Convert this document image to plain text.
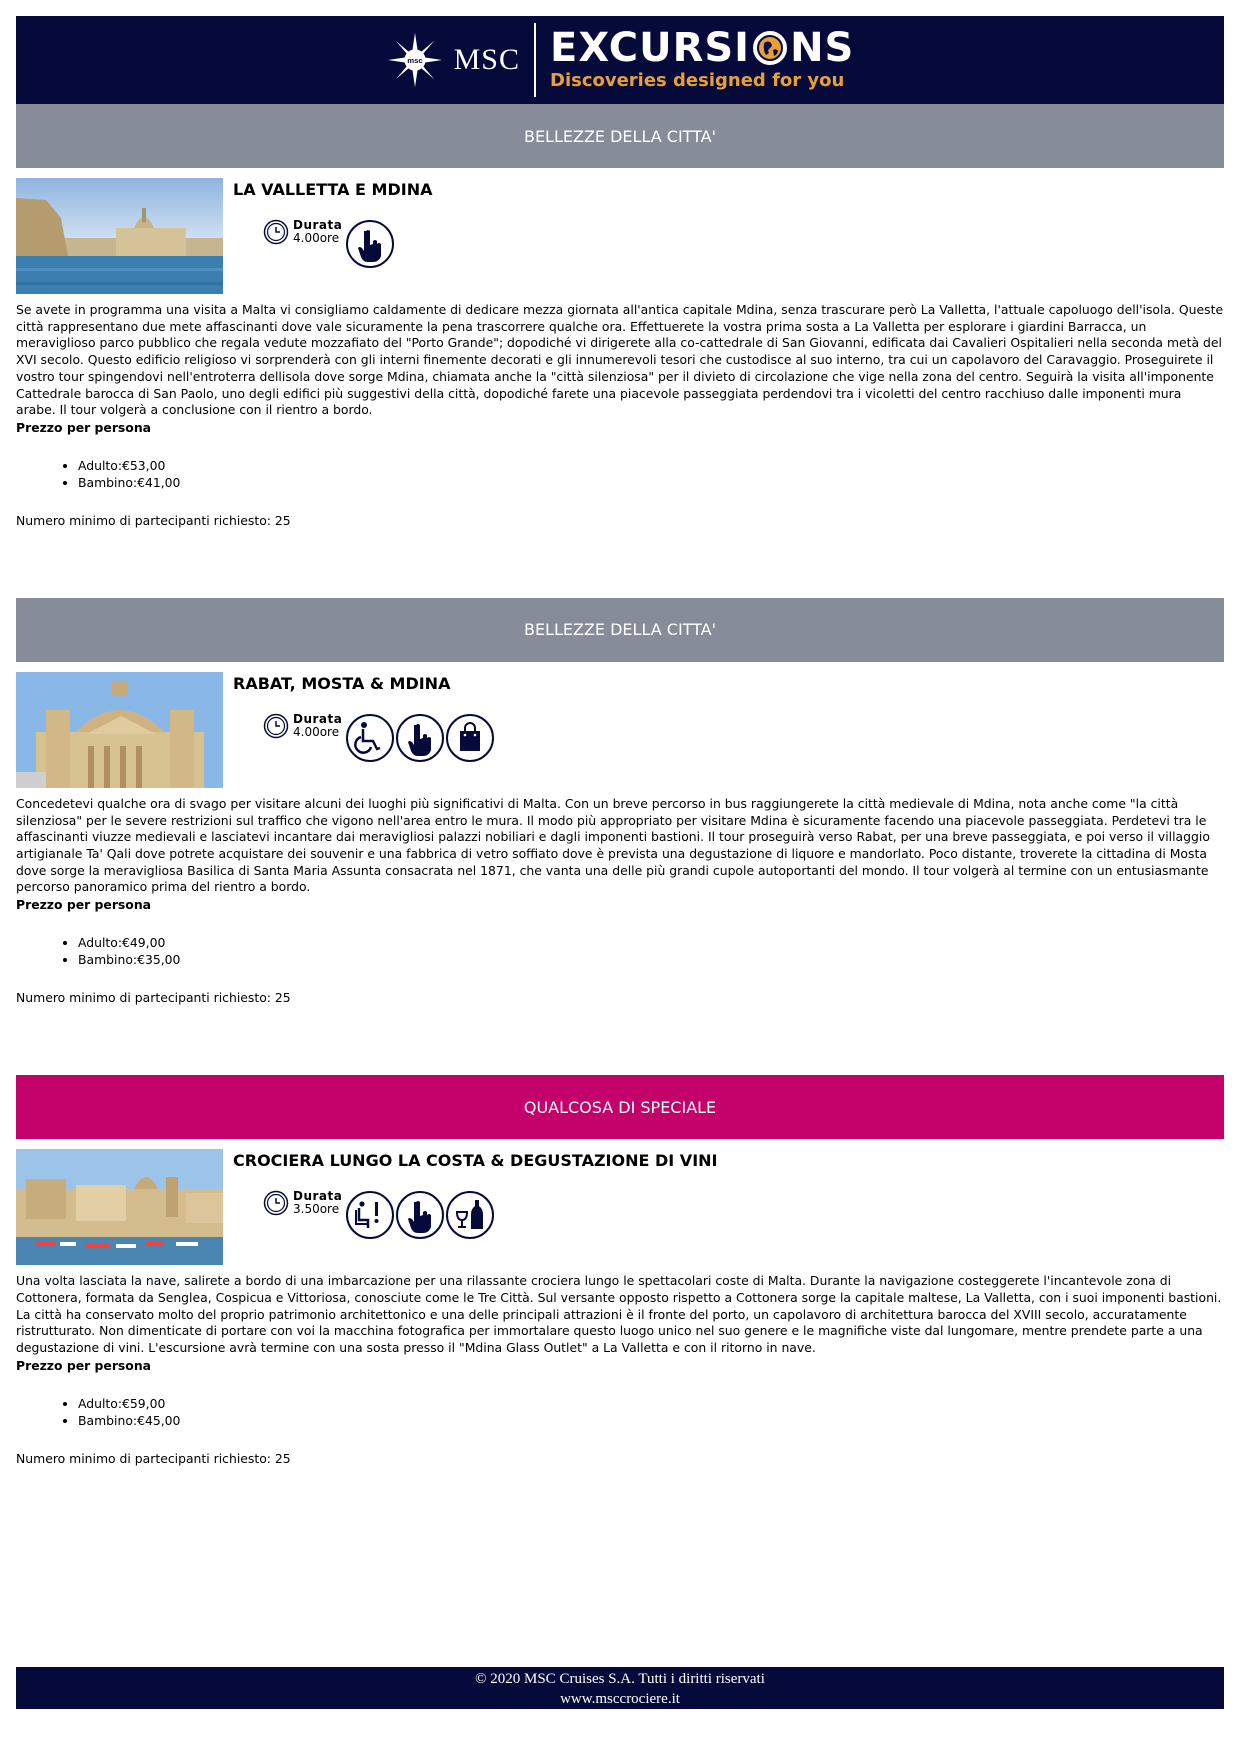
msc MSC EXCURSI NS
Discoveries designed for you
BELLEZZE DELLA CITTA'
LA VALLETTA E MDINA
Durata
4.00ore
Se avete in programma una visita a Malta vi consigliamo caldamente di dedicare mezza giornata all'antica capitale Mdina, senza trascurare però La Valletta, l'attuale capoluogo dell'isola. Queste città rappresentano due mete affascinanti dove vale sicuramente la pena trascorrere qualche ora. Effettuerete la vostra prima sosta a La Valletta per esplorare i giardini Barracca, un meraviglioso parco pubblico che regala vedute mozzafiato del "Porto Grande"; dopodiché vi dirigerete alla co-cattedrale di San Giovanni, edificata dai Cavalieri Ospitalieri nella seconda metà del XVI secolo. Questo edificio religioso vi sorprenderà con gli interni finemente decorati e gli innumerevoli tesori che custodisce al suo interno, tra cui un capolavoro del Caravaggio. Proseguirete il vostro tour spingendovi nell'entroterra dellisola dove sorge Mdina, chiamata anche la "città silenziosa" per il divieto di circolazione che vige nella zona del centro. Seguirà la visita all'imponente Cattedrale barocca di San Paolo, uno degli edifici più suggestivi della città, dopodiché farete una piacevole passeggiata perdendovi tra i vicoletti del centro racchiuso dalle imponenti mura arabe. Il tour volgerà a conclusione con il rientro a bordo.
Prezzo per persona
• Adulto:€53,00
• Bambino:€41,00
Numero minimo di partecipanti richiesto: 25
BELLEZZE DELLA CITTA'
RABAT, MOSTA & MDINA
Durata
4.00ore
Concedetevi qualche ora di svago per visitare alcuni dei luoghi più significativi di Malta. Con un breve percorso in bus raggiungerete la città medievale di Mdina, nota anche come "la città silenziosa" per le severe restrizioni sul traffico che vigono nell'area entro le mura. Il modo più appropriato per visitare Mdina è sicuramente facendo una piacevole passeggiata. Perdetevi tra le affascinanti viuzze medievali e lasciatevi incantare dai meravigliosi palazzi nobiliari e dagli imponenti bastioni. Il tour proseguirà verso Rabat, per una breve passeggiata, e poi verso il villaggio artigianale Ta' Qali dove potrete acquistare dei souvenir e una fabbrica di vetro soffiato dove è prevista una degustazione di liquore e mandorlato. Poco distante, troverete la cittadina di Mosta dove sorge la meravigliosa Basilica di Santa Maria Assunta consacrata nel 1871, che vanta una delle più grandi cupole autoportanti del mondo. Il tour volgerà al termine con un entusiasmante percorso panoramico prima del rientro a bordo.
Prezzo per persona
• Adulto:€49,00
• Bambino:€35,00
Numero minimo di partecipanti richiesto: 25
QUALCOSA DI SPECIALE
CROCIERA LUNGO LA COSTA & DEGUSTAZIONE DI VINI
Durata
3.50ore
Una volta lasciata la nave, salirete a bordo di una imbarcazione per una rilassante crociera lungo le spettacolari coste di Malta. Durante la navigazione costeggerete l'incantevole zona di Cottonera, formata da Senglea, Cospicua e Vittoriosa, conosciute come le Tre Città. Sul versante opposto rispetto a Cottonera sorge la capitale maltese, La Valletta, con i suoi imponenti bastioni. La città ha conservato molto del proprio patrimonio architettonico e una delle principali attrazioni è il fronte del porto, un capolavoro di architettura barocca del XVIII secolo, accuratamente ristrutturato. Non dimenticate di portare con voi la macchina fotografica per immortalare questo luogo unico nel suo genere e le magnifiche viste dal lungomare, mentre prendete parte a una degustazione di vini. L'escursione avrà termine con una sosta presso il "Mdina Glass Outlet" a La Valletta e con il ritorno in nave.
Prezzo per persona
• Adulto:€59,00
• Bambino:€45,00
Numero minimo di partecipanti richiesto: 25
© 2020 MSC Cruises S.A. Tutti i diritti riservati
www.msccrociere.it
